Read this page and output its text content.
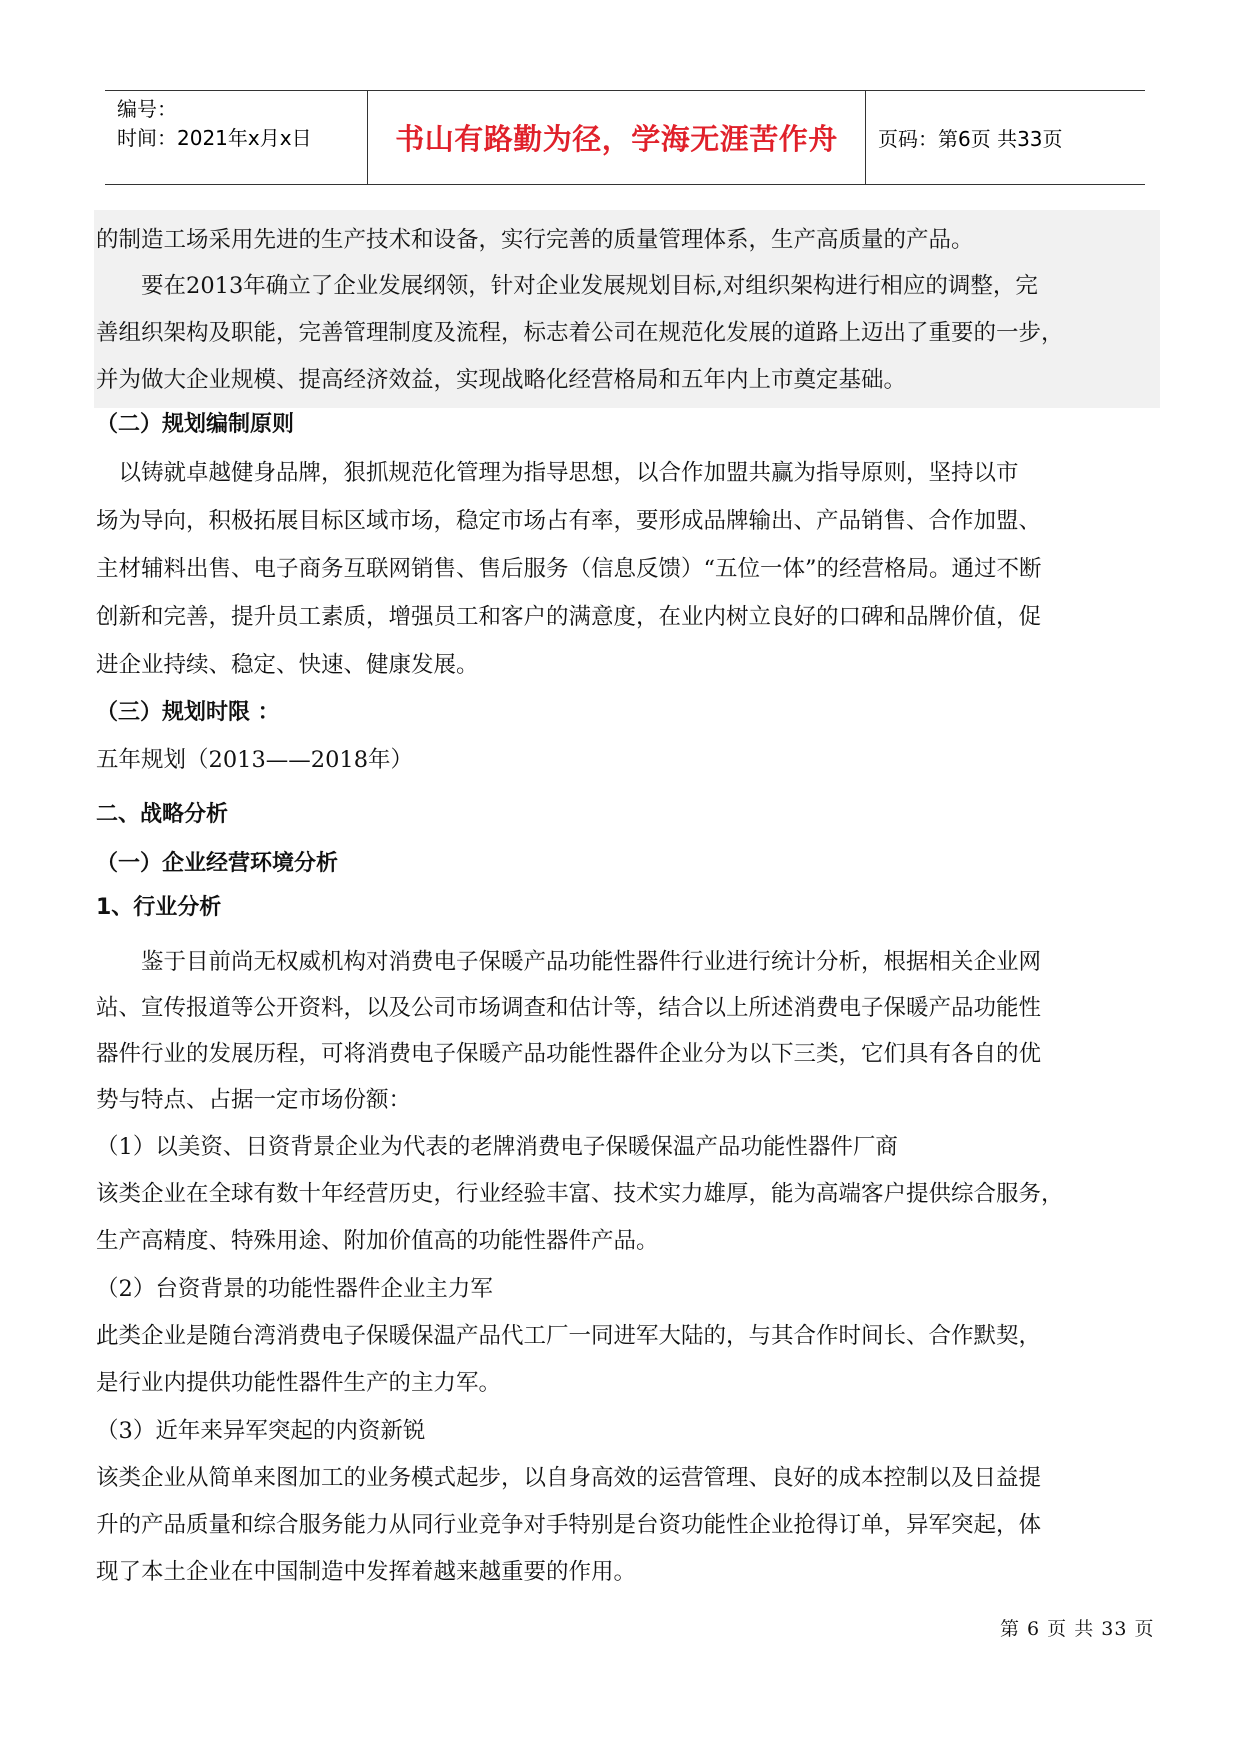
编号：
时间：2021年x月x日	书山有路勤为径，学海无涯苦作舟 页码：第6页 共33页
的制造工场采用先进的生产技术和设备，实行完善的质量管理体系，生产高质量的产品。
　　要在2013年确立了企业发展纲领，针对企业发展规划目标,对组织架构进行相应的调整，完
善组织架构及职能，完善管理制度及流程，标志着公司在规范化发展的道路上迈出了重要的一步，
并为做大企业规模、提高经济效益，实现战略化经营格局和五年内上市奠定基础。
（二）规划编制原则
　以铸就卓越健身品牌，狠抓规范化管理为指导思想，以合作加盟共赢为指导原则，坚持以市
场为导向，积极拓展目标区域市场，稳定市场占有率，要形成品牌输出、产品销售、合作加盟、
主材辅料出售、电子商务互联网销售、售后服务（信息反馈）“五位一体”的经营格局。通过不断
创新和完善，提升员工素质，增强员工和客户的满意度，在业内树立良好的口碑和品牌价值，促
进企业持续、稳定、快速、健康发展。
（三）规划时限 ：
五年规划（2013——2018年）
二、战略分析
（一）企业经营环境分析
1、行业分析
　　鉴于目前尚无权威机构对消费电子保暖产品功能性器件行业进行统计分析，根据相关企业网
站、宣传报道等公开资料，以及公司市场调查和估计等，结合以上所述消费电子保暖产品功能性
器件行业的发展历程，可将消费电子保暖产品功能性器件企业分为以下三类，它们具有各自的优
势与特点、占据一定市场份额：
（1）以美资、日资背景企业为代表的老牌消费电子保暖保温产品功能性器件厂商
该类企业在全球有数十年经营历史，行业经验丰富、技术实力雄厚，能为高端客户提供综合服务，
生产高精度、特殊用途、附加价值高的功能性器件产品。
（2）台资背景的功能性器件企业主力军
此类企业是随台湾消费电子保暖保温产品代工厂一同进军大陆的，与其合作时间长、合作默契，
是行业内提供功能性器件生产的主力军。
（3）近年来异军突起的内资新锐
该类企业从简单来图加工的业务模式起步，以自身高效的运营管理、良好的成本控制以及日益提
升的产品质量和综合服务能力从同行业竞争对手特别是台资功能性企业抢得订单，异军突起，体
现了本土企业在中国制造中发挥着越来越重要的作用。
第 6 页 共 33 页
